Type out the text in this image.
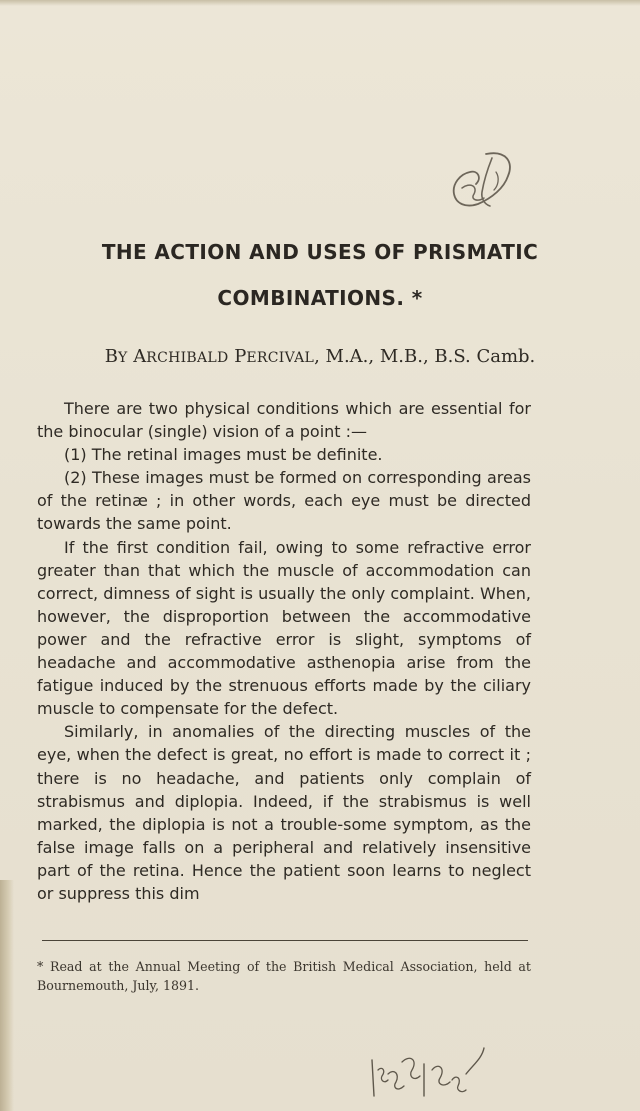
THE ACTION AND USES OF PRISMATIC
COMBINATIONS. *

BY ARCHIBALD PERCIVAL, M.A., M.B., B.S. Camb.

There are two physical conditions which are essential for the binocular (single) vision of a point :—

(1) The retinal images must be definite.

(2) These images must be formed on corresponding areas of the retinæ ; in other words, each eye must be directed towards the same point.

If the first condition fail, owing to some refractive error greater than that which the muscle of accommodation can correct, dimness of sight is usually the only complaint. When, however, the disproportion between the accommodative power and the refractive error is slight, symptoms of headache and accommodative asthenopia arise from the fatigue induced by the strenuous efforts made by the ciliary muscle to compensate for the defect.

Similarly, in anomalies of the directing muscles of the eye, when the defect is great, no effort is made to correct it ; there is no headache, and patients only complain of strabismus and diplopia. Indeed, if the strabismus is well marked, the diplopia is not a trouble-some symptom, as the false image falls on a peripheral and relatively insensitive part of the retina. Hence the patient soon learns to neglect or suppress this dim

* Read at the Annual Meeting of the British Medical Association, held at Bournemouth, July, 1891.
